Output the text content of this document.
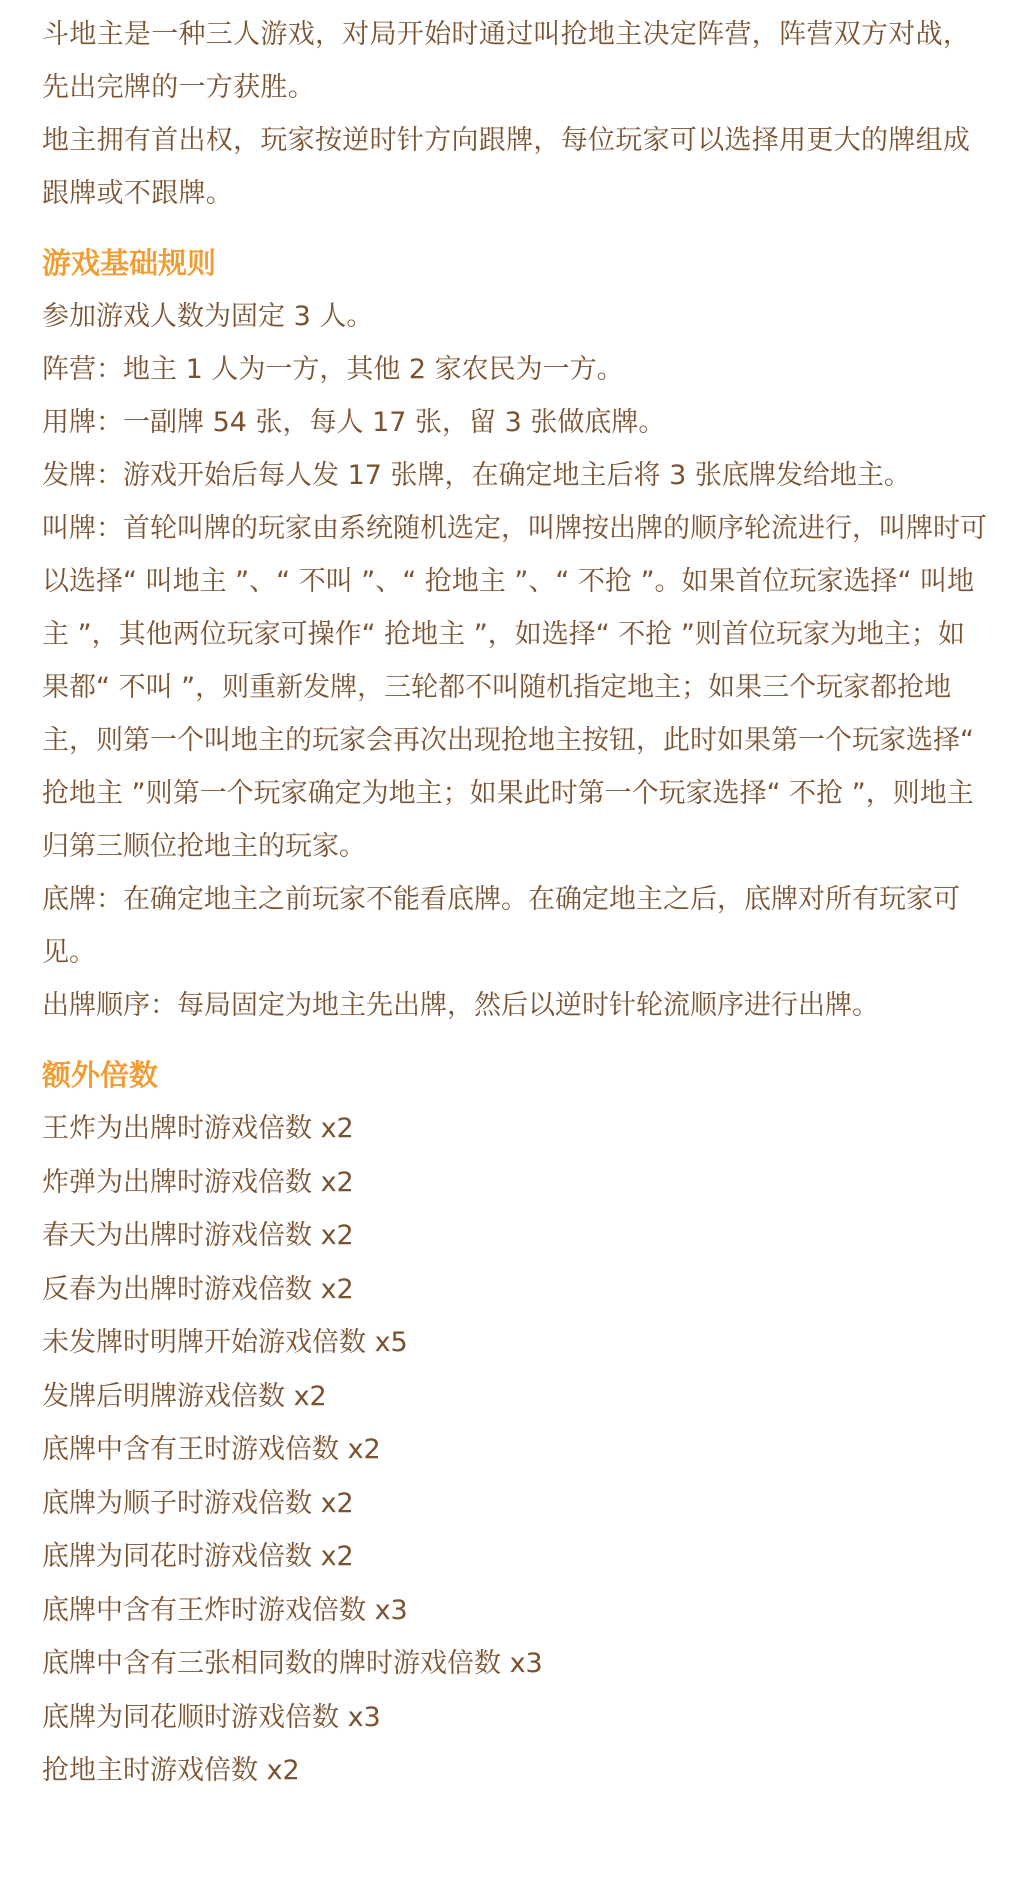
斗地主是一种三人游戏，对局开始时通过叫抢地主决定阵营，阵营双方对战，先出完牌的一方获胜。

地主拥有首出权，玩家按逆时针方向跟牌，每位玩家可以选择用更大的牌组成跟牌或不跟牌。

游戏基础规则
参加游戏人数为固定 3 人。
阵营：地主 1 人为一方，其他 2 家农民为一方。
用牌：一副牌 54 张，每人 17 张，留 3 张做底牌。
发牌：游戏开始后每人发 17 张牌，在确定地主后将 3 张底牌发给地主。
叫牌：首轮叫牌的玩家由系统随机选定，叫牌按出牌的顺序轮流进行，叫牌时可以选择“ 叫地主 ”、“ 不叫 ”、“ 抢地主 ”、“ 不抢 ”。如果首位玩家选择“ 叫地主 ”，其他两位玩家可操作“ 抢地主 ”，如选择“ 不抢 ”则首位玩家为地主；如果都“ 不叫 ”，则重新发牌，三轮都不叫随机指定地主；如果三个玩家都抢地主，则第一个叫地主的玩家会再次出现抢地主按钮，此时如果第一个玩家选择“ 抢地主 ”则第一个玩家确定为地主；如果此时第一个玩家选择“ 不抢 ”，则地主归第三顺位抢地主的玩家。
底牌：在确定地主之前玩家不能看底牌。在确定地主之后，底牌对所有玩家可见。
出牌顺序：每局固定为地主先出牌，然后以逆时针轮流顺序进行出牌。
额外倍数
王炸为出牌时游戏倍数 x2
炸弹为出牌时游戏倍数 x2
春天为出牌时游戏倍数 x2
反春为出牌时游戏倍数 x2
未发牌时明牌开始游戏倍数 x5
发牌后明牌游戏倍数 x2
底牌中含有王时游戏倍数 x2
底牌为顺子时游戏倍数 x2
底牌为同花时游戏倍数 x2
底牌中含有王炸时游戏倍数 x3
底牌中含有三张相同数的牌时游戏倍数 x3
底牌为同花顺时游戏倍数 x3
抢地主时游戏倍数 x2
